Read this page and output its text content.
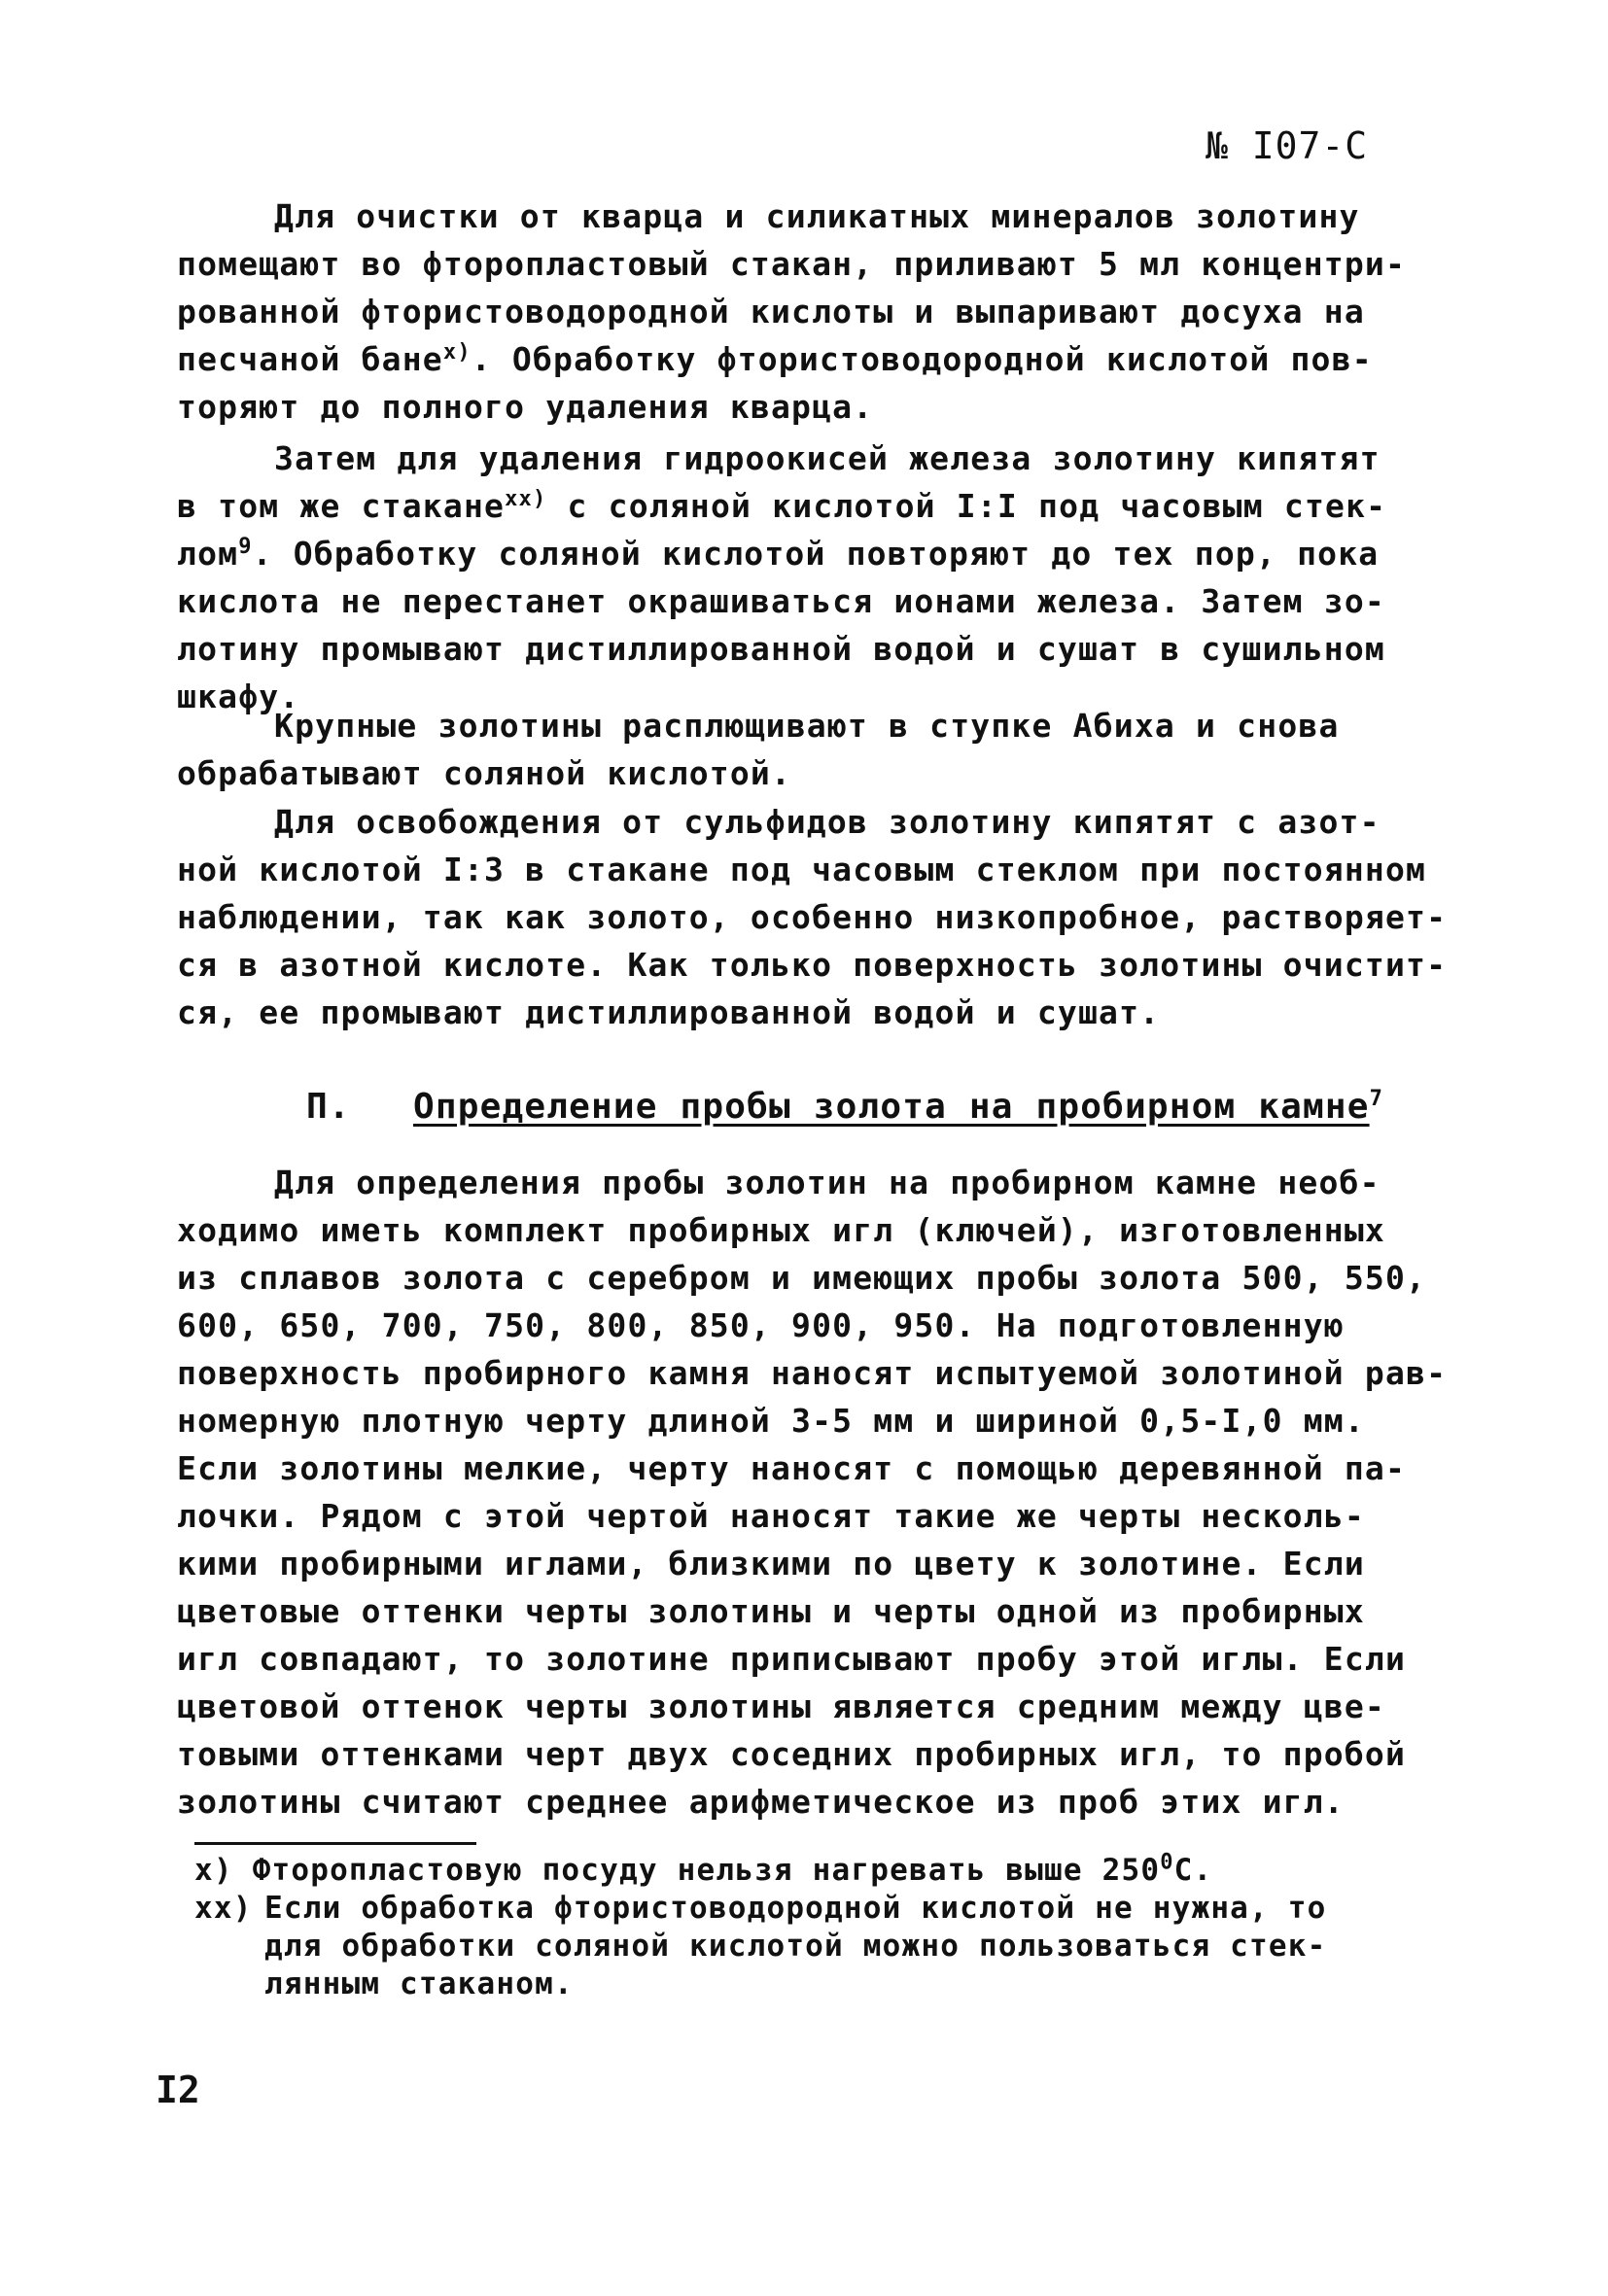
№ I07-С
Для очистки от кварца и силикатных минералов золотину
помещают во фторопластовый стакан, приливают 5 мл концентри-
рованной фтористоводородной кислоты и выпаривают досуха на
песчаной бане$^{x)}$. Обработку фтористоводородной кислотой пов-
торяют до полного удаления кварца.
Затем для удаления гидроокисей железа золотину кипятят
в том же стакане$^{xx)}$ с соляной кислотой I:I под часовым стек-
лом$^9$. Обработку соляной кислотой повторяют до тех пор, пока
кислота не перестанет окрашиваться ионами железа. Затем зо-
лотину промывают дистиллированной водой и сушат в сушильном
шкафу.
Крупные золотины расплющивают в ступке Абиха и снова
обрабатывают соляной кислотой.
Для освобождения от сульфидов золотину кипятят с азот-
ной кислотой I:3 в стакане под часовым стеклом при постоянном
наблюдении, так как золото, особенно низкопробное, растворяет-
ся в азотной кислоте. Как только поверхность золотины очистит-
ся, ее промывают дистиллированной водой и сушат.
П. Определение пробы золота на пробирном камне$^7$
Для определения пробы золотин на пробирном камне необ-
ходимо иметь комплект пробирных игл (ключей), изготовленных
из сплавов золота с серебром и имеющих пробы золота 500, 550,
600, 650, 700, 750, 800, 850, 900, 950. На подготовленную
поверхность пробирного камня наносят испытуемой золотиной рав-
номерную плотную черту длиной 3-5 мм и шириной 0,5-I,0 мм.
Если золотины мелкие, черту наносят с помощью деревянной па-
лочки. Рядом с этой чертой наносят такие же черты несколь-
кими пробирными иглами, близкими по цвету к золотине. Если
цветовые оттенки черты золотины и черты одной из пробирных
игл совпадают, то золотине приписывают пробу этой иглы. Если
цветовой оттенок черты золотины является средним между цве-
товыми оттенками черт двух соседних пробирных игл, то пробой
золотины считают среднее арифметическое из проб этих игл.
x) Фторопластовую посуду нельзя нагревать выше $250^0С$.
xx) Если обработка фтористоводородной кислотой не нужна, то
для обработки соляной кислотой можно пользоваться стек-
лянным стаканом.
I2
